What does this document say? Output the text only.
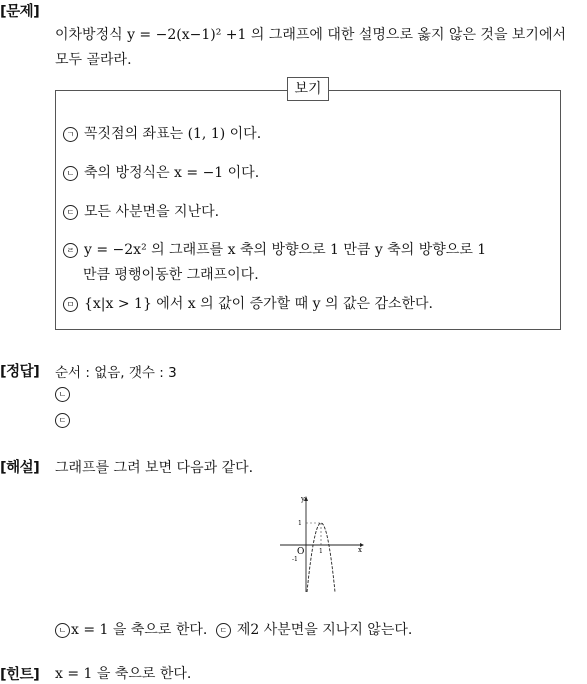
[문제]
이차방정식 y = −2(x−1)² +1 의 그래프에 대한 설명으로 옳지 않은 것을 보기에서
모두 골라라.
보기
ㄱ 꼭짓점의 좌표는 (1, 1) 이다.
ㄴ 축의 방정식은 x = −1 이다.
ㄷ 모든 사분면을 지난다.
ㄹ y = −2x² 의 그래프를 x 축의 방향으로 1 만큼 y 축의 방향으로 1
만큼 평행이동한 그래프이다.
ㅁ {x|x > 1} 에서 x 의 값이 증가할 때 y 의 값은 감소한다.
[정답] 순서 : 없음, 갯수 : 3
ㄴ
ㄷ
[해설] 그래프를 그려 보면 다음과 같다.
y
x
O 1
1
-1
ㄴ x = 1 을 축으로 한다. ㄷ 제2 사분면을 지나지 않는다.
[힌트] x = 1 을 축으로 한다.
